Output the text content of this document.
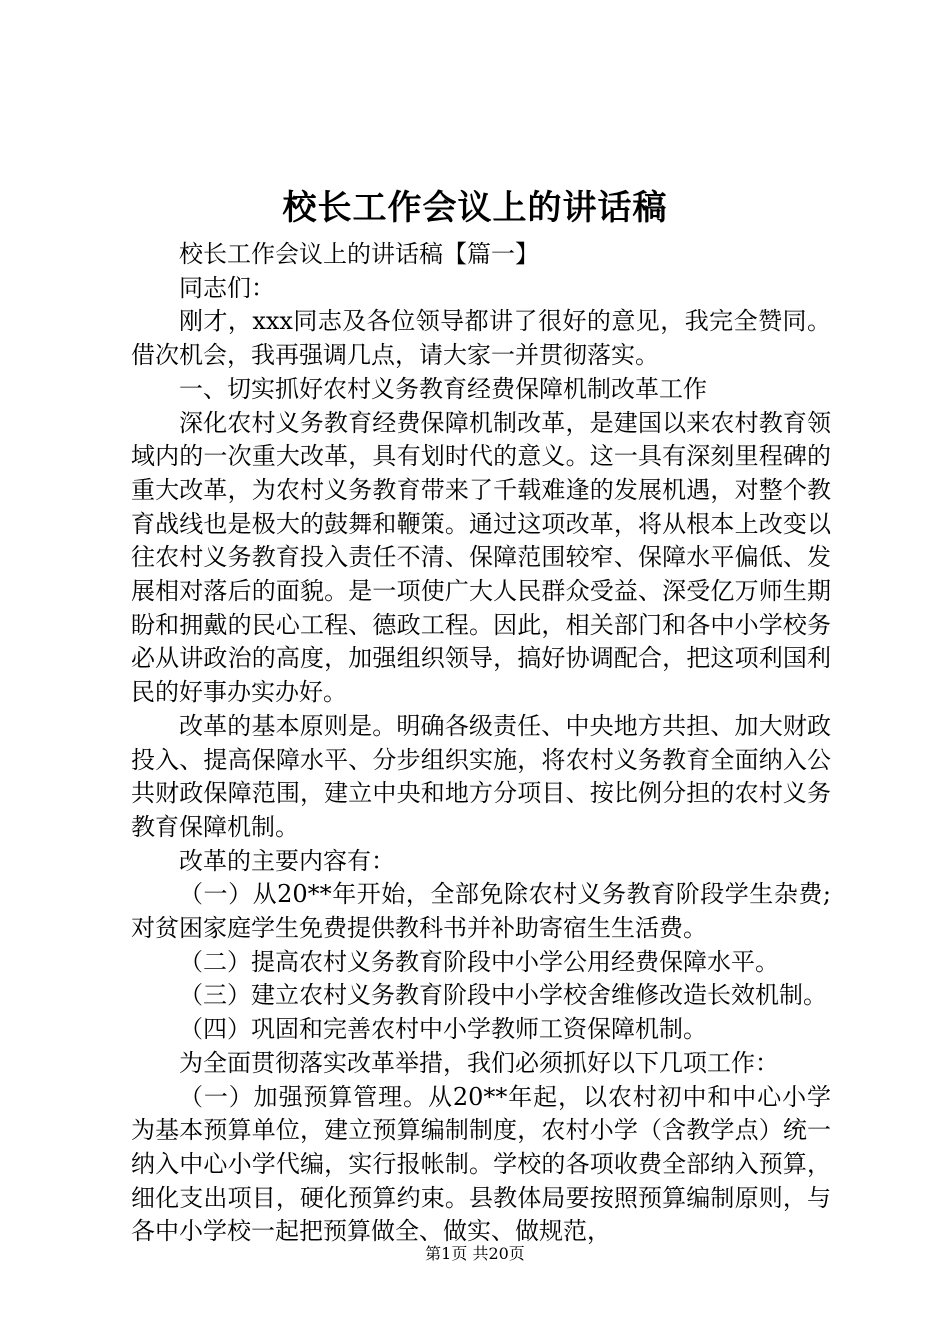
校长工作会议上的讲话稿

校长工作会议上的讲话稿【篇一】

同志们：

刚才，xxx同志及各位领导都讲了很好的意见，我完全赞同。借次机会，我再强调几点，请大家一并贯彻落实。

一、切实抓好农村义务教育经费保障机制改革工作

深化农村义务教育经费保障机制改革，是建国以来农村教育领域内的一次重大改革，具有划时代的意义。这一具有深刻里程碑的重大改革，为农村义务教育带来了千载难逢的发展机遇，对整个教育战线也是极大的鼓舞和鞭策。通过这项改革，将从根本上改变以往农村义务教育投入责任不清、保障范围较窄、保障水平偏低、发展相对落后的面貌。是一项使广大人民群众受益、深受亿万师生期盼和拥戴的民心工程、德政工程。因此，相关部门和各中小学校务必从讲政治的高度，加强组织领导，搞好协调配合，把这项利国利民的好事办实办好。

改革的基本原则是。明确各级责任、中央地方共担、加大财政投入、提高保障水平、分步组织实施，将农村义务教育全面纳入公共财政保障范围，建立中央和地方分项目、按比例分担的农村义务教育保障机制。

改革的主要内容有：

（一）从20**年开始，全部免除农村义务教育阶段学生杂费;对贫困家庭学生免费提供教科书并补助寄宿生生活费。

（二）提高农村义务教育阶段中小学公用经费保障水平。

（三）建立农村义务教育阶段中小学校舍维修改造长效机制。

（四）巩固和完善农村中小学教师工资保障机制。

为全面贯彻落实改革举措，我们必须抓好以下几项工作：

（一）加强预算管理。从20**年起，以农村初中和中心小学为基本预算单位，建立预算编制制度，农村小学（含教学点）统一纳入中心小学代编，实行报帐制。学校的各项收费全部纳入预算，细化支出项目，硬化预算约束。县教体局要按照预算编制原则，与各中小学校一起把预算做全、做实、做规范，

第1页 共20页
